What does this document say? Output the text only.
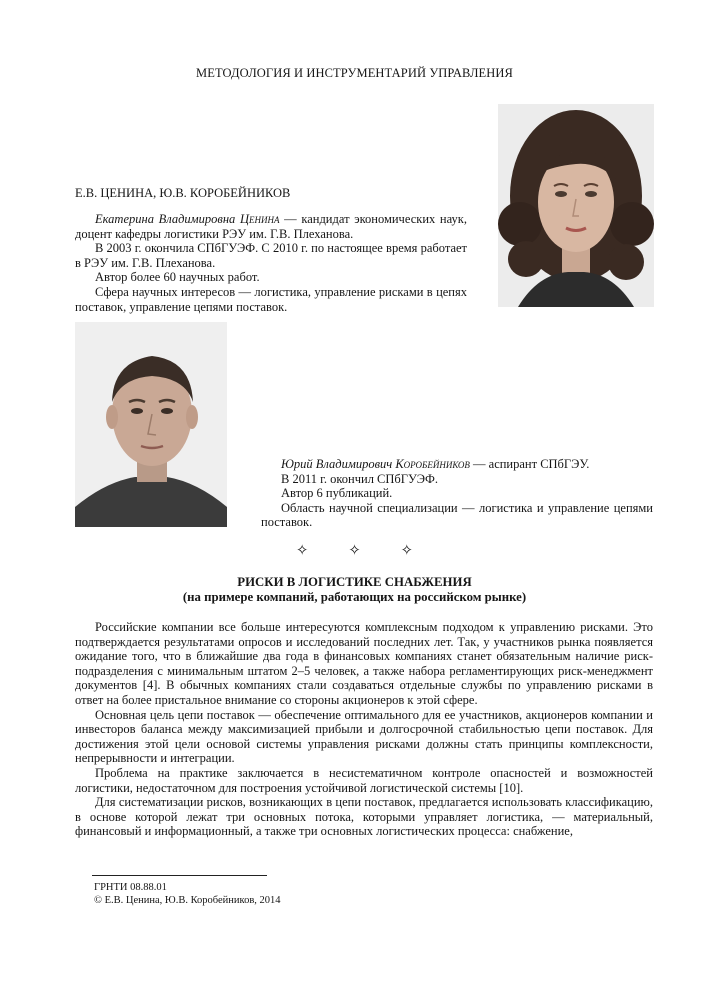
МЕТОДОЛОГИЯ И ИНСТРУМЕНТАРИЙ УПРАВЛЕНИЯ
Е.В. ЦЕНИНА, Ю.В. КОРОБЕЙНИКОВ

Екатерина Владимировна Ценина — кандидат экономических наук, доцент кафедры логистики РЭУ им. Г.В. Плеханова.

В 2003 г. окончила СПбГУЭФ. С 2010 г. по настоящее время работает в РЭУ им. Г.В. Плеханова.

Автор более 60 научных работ.

Сфера научных интересов — логистика, управление рисками в цепях поставок, управление цепями поставок.

Юрий Владимирович Коробейников — аспирант СПбГЭУ.

В 2011 г. окончил СПбГУЭФ.

Автор 6 публикаций.

Область научной специализации — логистика и управление цепями поставок.

✧ ✧ ✧
РИСКИ В ЛОГИСТИКЕ СНАБЖЕНИЯ
(на примере компаний, работающих на российском рынке)

Российские компании все больше интересуются комплексным подходом к управлению рисками. Это подтверждается результатами опросов и исследований последних лет. Так, у участников рынка появляется ожидание того, что в ближайшие два года в финансовых компаниях станет обязательным наличие риск-подразделения с минимальным штатом 2–5 человек, а также набора регламентирующих риск-менеджмент документов [4]. В обычных компаниях стали создаваться отдельные службы по управлению рисками в ответ на более пристальное внимание со стороны акционеров к этой сфере.

Основная цель цепи поставок — обеспечение оптимального для ее участников, акционеров компании и инвесторов баланса между максимизацией прибыли и долгосрочной стабильностью цепи поставок. Для достижения этой цели основой системы управления рисками должны стать принципы комплексности, непрерывности и интеграции.

Проблема на практике заключается в несистематичном контроле опасностей и возможностей логистики, недостаточном для построения устойчивой логистической системы [10].

Для систематизации рисков, возникающих в цепи поставок, предлагается использовать классификацию, в основе которой лежат три основных потока, которыми управляет логистика, — материальный, финансовый и информационный, а также три основных логистических процесса: снабжение,

ГРНТИ 08.88.01
© Е.В. Ценина, Ю.В. Коробейников, 2014
